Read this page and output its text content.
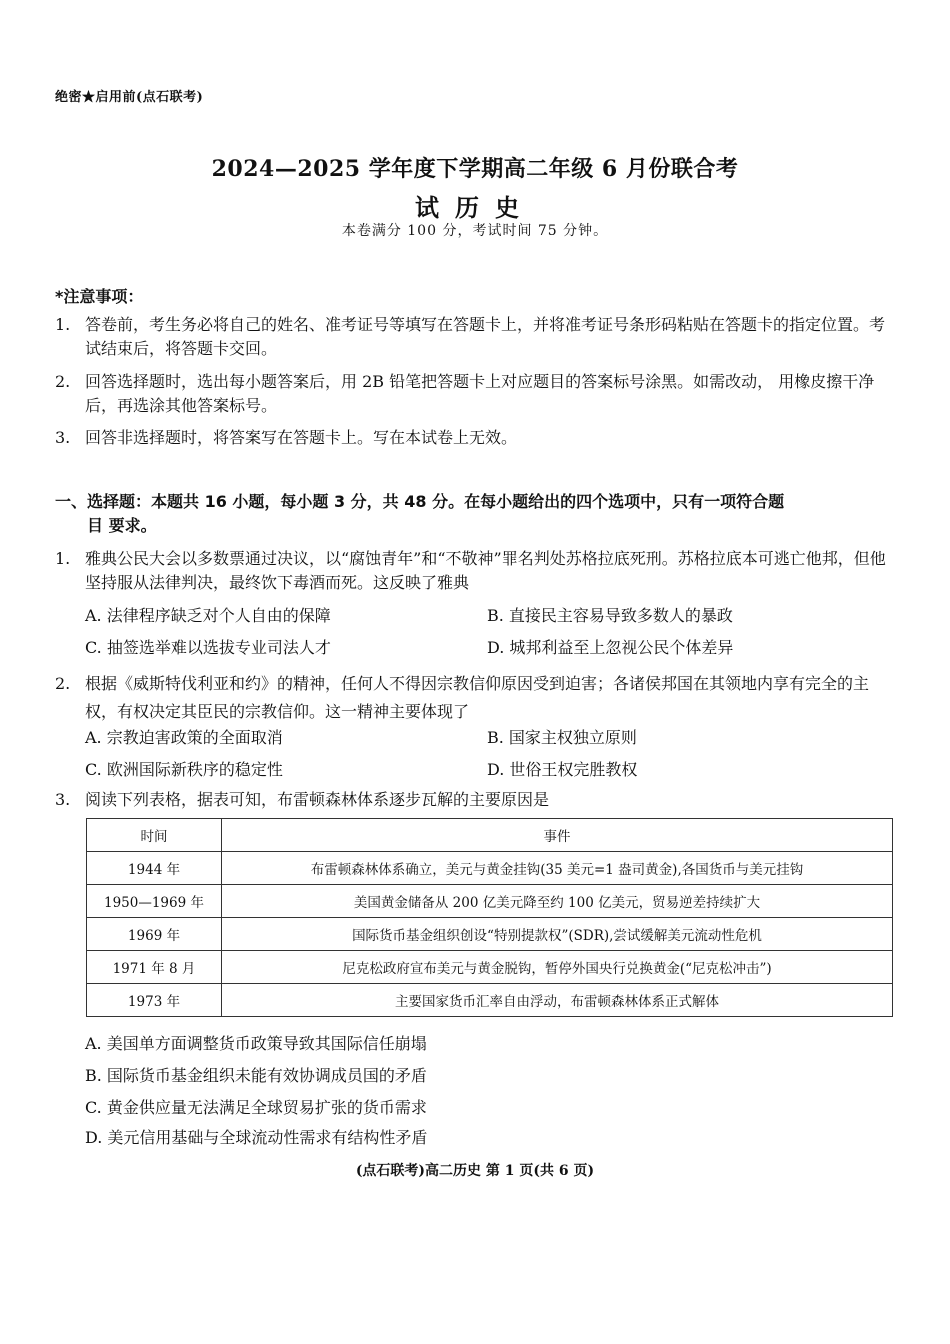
绝密★启用前(点石联考)
2024—2025 学年度下学期高二年级 6 月份联合考
试历史
本卷满分 100 分，考试时间 75 分钟。
*注意事项：
1. 答卷前，考生务必将自己的姓名、准考证号等填写在答题卡上，并将准考证号条形码粘贴在答题卡的指定位置。考试结束后，将答题卡交回。
2. 回答选择题时，选出每小题答案后，用 2B 铅笔把答题卡上对应题目的答案标号涂黑。如需改动， 用橡皮擦干净后，再选涂其他答案标号。
3. 回答非选择题时，将答案写在答题卡上。写在本试卷上无效。
一、选择题：本题共 16 小题，每小题 3 分，共 48 分。在每小题给出的四个选项中，只有一项符合题
目 要求。
1. 雅典公民大会以多数票通过决议，以“腐蚀青年”和“不敬神”罪名判处苏格拉底死刑。苏格拉底本可逃亡他邦，但他坚持服从法律判决，最终饮下毒酒而死。这反映了雅典
A. 法律程序缺乏对个人自由的保障	B. 直接民主容易导致多数人的暴政
C. 抽签选举难以选拔专业司法人才	D. 城邦利益至上忽视公民个体差异
2. 根据《威斯特伐利亚和约》的精神，任何人不得因宗教信仰原因受到迫害；各诸侯邦国在其领地内享有完全的主权，有权决定其臣民的宗教信仰。这一精神主要体现了
A. 宗教迫害政策的全面取消	B. 国家主权独立原则
C. 欧洲国际新秩序的稳定性	D. 世俗王权完胜教权
3. 阅读下列表格，据表可知，布雷顿森林体系逐步瓦解的主要原因是
时间	事件
1944 年	布雷顿森林体系确立，美元与黄金挂钩(35 美元=1 盎司黄金),各国货币与美元挂钩
1950—1969 年	美国黄金储备从 200 亿美元降至约 100 亿美元，贸易逆差持续扩大
1969 年	国际货币基金组织创设“特别提款权”(SDR),尝试缓解美元流动性危机
1971 年 8 月	尼克松政府宣布美元与黄金脱钩，暂停外国央行兑换黄金(“尼克松冲击”)
1973 年	主要国家货币汇率自由浮动，布雷顿森林体系正式解体
A. 美国单方面调整货币政策导致其国际信任崩塌
B. 国际货币基金组织未能有效协调成员国的矛盾
C. 黄金供应量无法满足全球贸易扩张的货币需求
D. 美元信用基础与全球流动性需求有结构性矛盾
(点石联考)高二历史 第 1 页(共 6 页)
